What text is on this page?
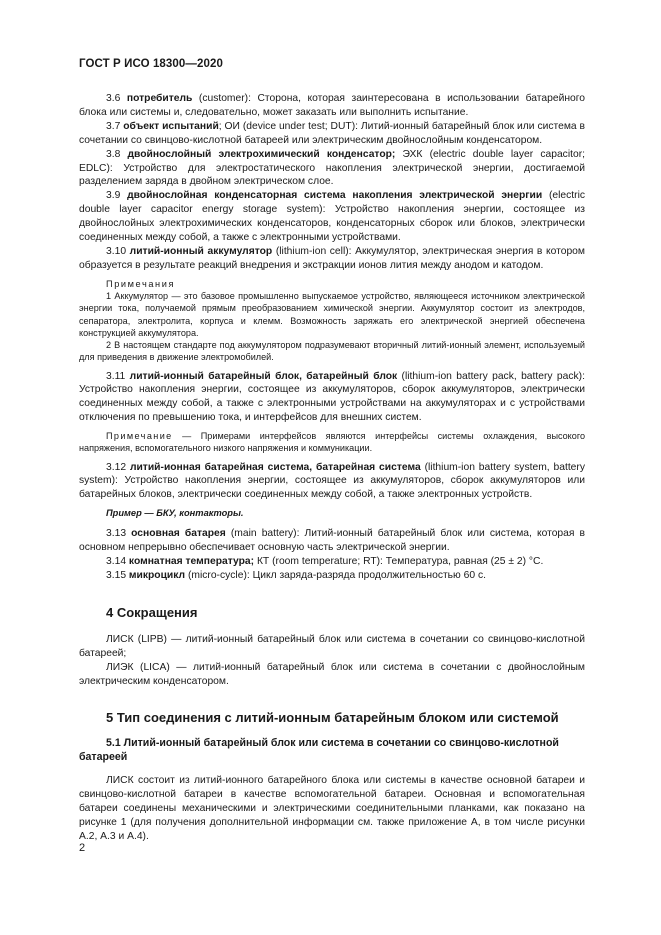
ГОСТ Р ИСО 18300—2020

3.6 потребитель (customer): Сторона, которая заинтересована в использовании батарейного блока или системы и, следовательно, может заказать или выполнить испытание.

3.7 объект испытаний; ОИ (device under test; DUT): Литий-ионный батарейный блок или система в сочетании со свинцово-кислотной батареей или электрическим двойнослойным конденсатором.

3.8 двойнослойный электрохимический конденсатор; ЭХК (electric double layer capacitor; EDLC): Устройство для электростатического накопления электрической энергии, достигаемой разделением заряда в двойном электрическом слое.

3.9 двойнослойная конденсаторная система накопления электрической энергии (electric double layer capacitor energy storage system): Устройство накопления энергии, состоящее из двойнослойных электрохимических конденсаторов, конденсаторных сборок или блоков, электрически соединенных между собой, а также с электронными устройствами.

3.10 литий-ионный аккумулятор (lithium-ion cell): Аккумулятор, электрическая энергия в котором образуется в результате реакций внедрения и экстракции ионов лития между анодом и катодом.

Примечания

1 Аккумулятор — это базовое промышленно выпускаемое устройство, являющееся источником электрической энергии тока, получаемой прямым преобразованием химической энергии. Аккумулятор состоит из электродов, сепаратора, электролита, корпуса и клемм. Возможность заряжать его электрической энергией обеспечена конструкцией аккумулятора.

2 В настоящем стандарте под аккумулятором подразумевают вторичный литий-ионный элемент, используемый для приведения в движение электромобилей.

3.11 литий-ионный батарейный блок, батарейный блок (lithium-ion battery pack, battery pack): Устройство накопления энергии, состоящее из аккумуляторов, сборок аккумуляторов, электрически соединенных между собой, а также с электронными устройствами на аккумуляторах и с устройствами отключения по превышению тока, и интерфейсов для внешних систем.

Примечание — Примерами интерфейсов являются интерфейсы системы охлаждения, высокого напряжения, вспомогательного низкого напряжения и коммуникации.

3.12 литий-ионная батарейная система, батарейная система (lithium-ion battery system, battery system): Устройство накопления энергии, состоящее из аккумуляторов, сборок аккумуляторов или батарейных блоков, электрически соединенных между собой, а также электронных устройств.

Пример — БКУ, контакторы.

3.13 основная батарея (main battery): Литий-ионный батарейный блок или система, которая в основном непрерывно обеспечивает основную часть электрической энергии.

3.14 комнатная температура; КТ (room temperature; RT): Температура, равная (25 ± 2) °С.

3.15 микроцикл (micro-cycle): Цикл заряда-разряда продолжительностью 60 с.

4 Сокращения

ЛИСК (LIPB) — литий-ионный батарейный блок или система в сочетании со свинцово-кислотной батареей;

ЛИЭК (LICA) — литий-ионный батарейный блок или система в сочетании с двойнослойным электрическим конденсатором.

5 Тип соединения с литий-ионным батарейным блоком или системой
5.1 Литий-ионный батарейный блок или система в сочетании со свинцово-кислотной батареей

ЛИСК состоит из литий-ионного батарейного блока или системы в качестве основной батареи и свинцово-кислотной батареи в качестве вспомогательной батареи. Основная и вспомогательная батареи соединены механическими и электрическими соединительными планками, как показано на рисунке 1 (для получения дополнительной информации см. также приложение А, в том числе рисунки А.2, А.3 и А.4).

2
